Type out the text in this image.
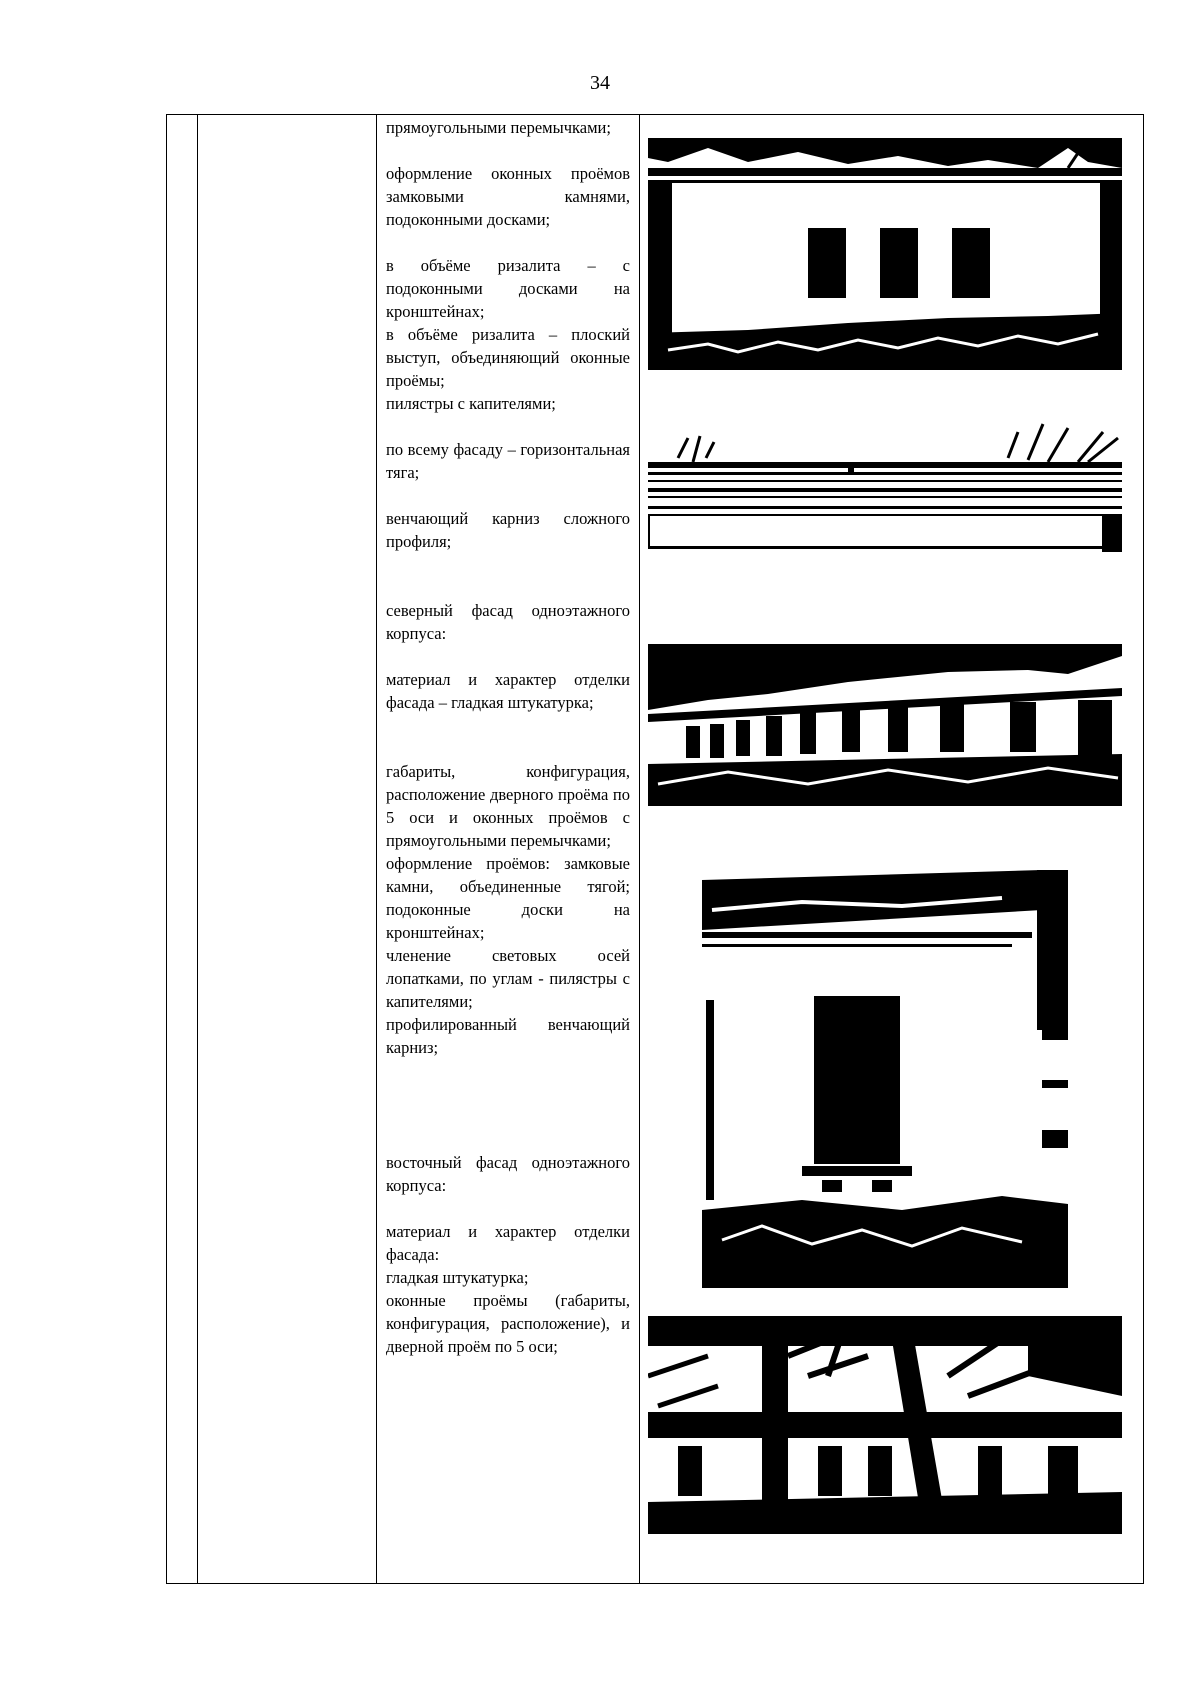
34

прямоугольными перемычками;

оформление оконных проёмов замковыми камнями, подоконными досками;

в объёме ризалита – с подоконными досками на кронштейнах;

в объёме ризалита – плоский выступ, объединяющий оконные проёмы;

пилястры с капителями;

по всему фасаду – горизонтальная тяга;

венчающий карниз сложного профиля;

северный фасад одноэтажного корпуса:

материал и характер отделки фасада – гладкая штукатурка;

габариты, конфигурация, расположение дверного проёма по 5 оси и оконных проёмов с прямоугольными перемычками;

оформление проёмов: замковые камни, объединенные тягой; подоконные доски на кронштейнах;

членение световых осей лопатками, по углам - пилястры с капителями;

профилированный венчающий карниз;

восточный фасад одноэтажного корпуса:

материал и характер отделки фасада:

гладкая штукатурка;

оконные проёмы (габариты, конфигурация, расположение), и дверной проём по 5 оси;
